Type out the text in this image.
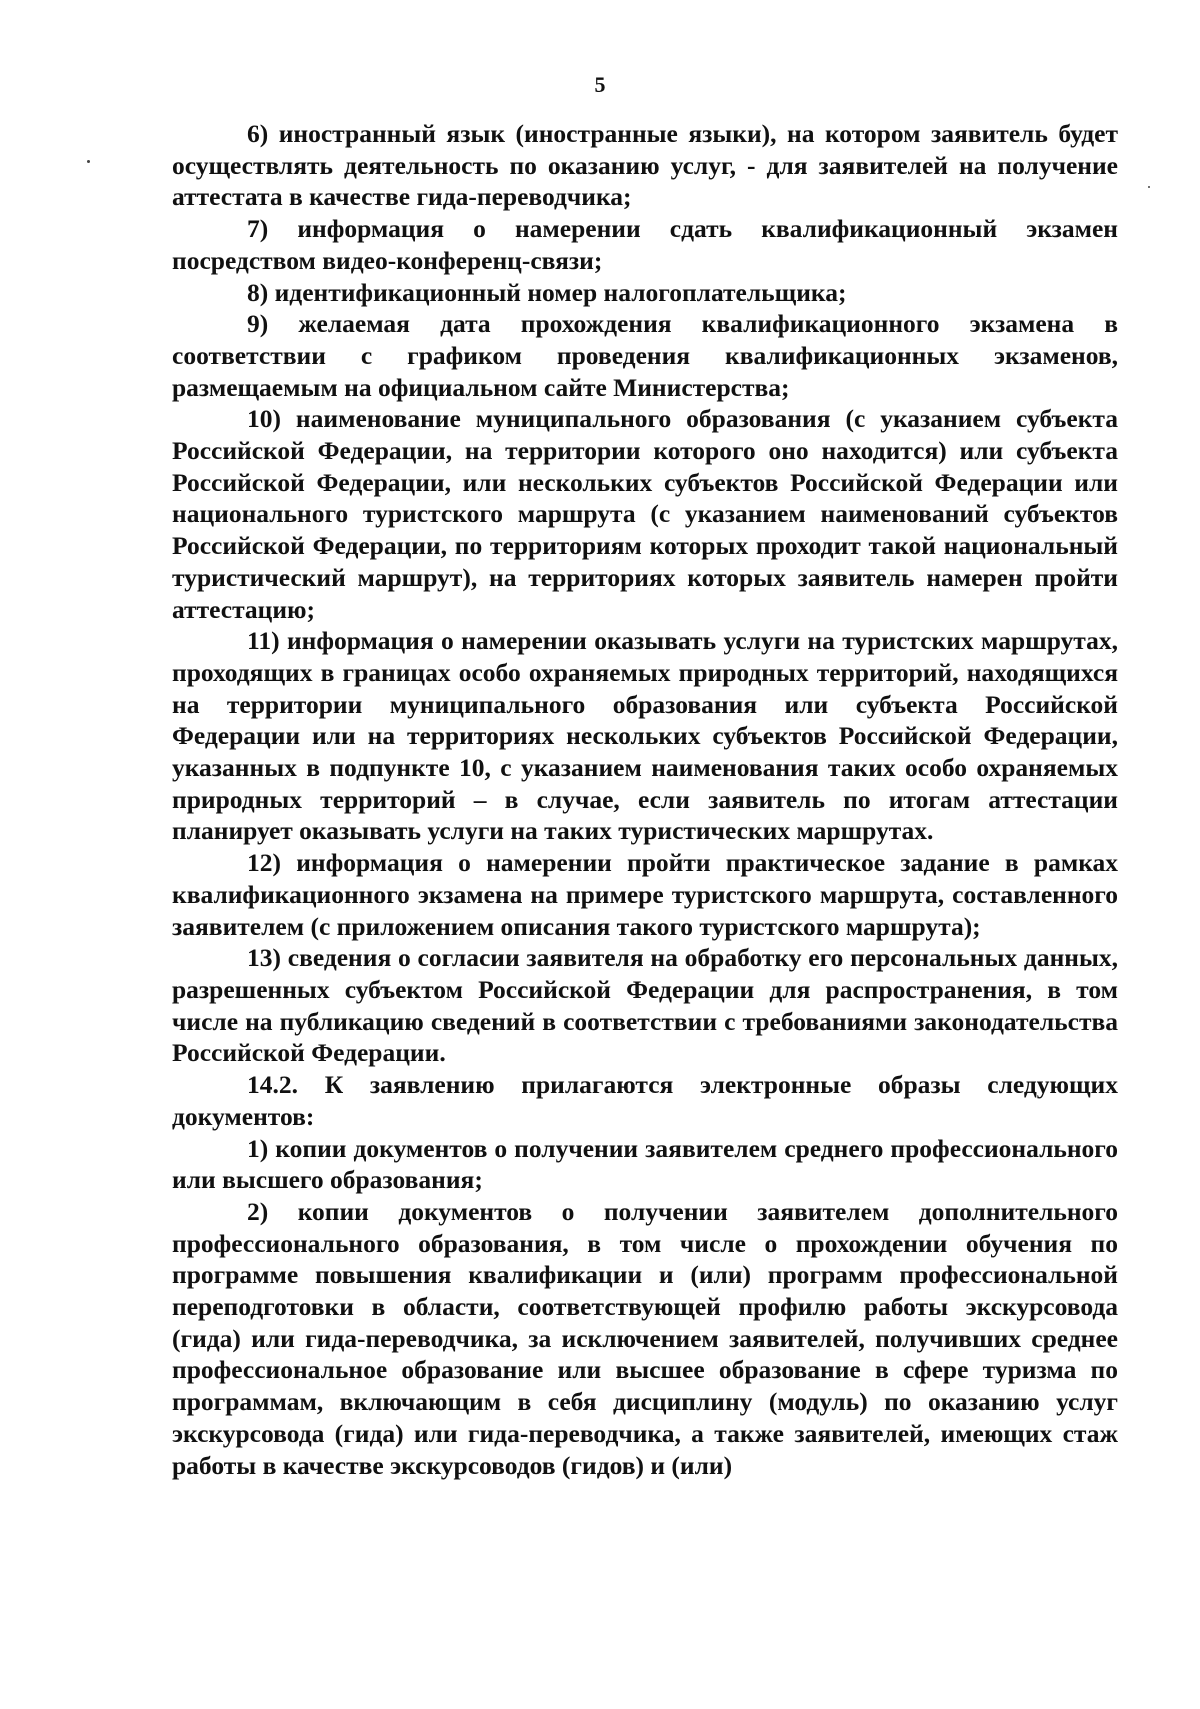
5

6) иностранный язык (иностранные языки), на котором заявитель будет осуществлять деятельность по оказанию услуг, - для заявителей на получение аттестата в качестве гида-переводчика;

7) информация о намерении сдать квалификационный экзамен посредством видео-конференц-связи;

8) идентификационный номер налогоплательщика;

9) желаемая дата прохождения квалификационного экзамена в соответствии с графиком проведения квалификационных экзаменов, размещаемым на официальном сайте Министерства;

10) наименование муниципального образования (с указанием субъекта Российской Федерации, на территории которого оно находится) или субъекта Российской Федерации, или нескольких субъектов Российской Федерации или национального туристского маршрута (с указанием наименований субъектов Российской Федерации, по территориям которых проходит такой национальный туристический маршрут), на территориях которых заявитель намерен пройти аттестацию;

11) информация о намерении оказывать услуги на туристских маршрутах, проходящих в границах особо охраняемых природных территорий, находящихся на территории муниципального образования или субъекта Российской Федерации или на территориях нескольких субъектов Российской Федерации, указанных в подпункте 10, с указанием наименования таких особо охраняемых природных территорий – в случае, если заявитель по итогам аттестации планирует оказывать услуги на таких туристических маршрутах.

12) информация о намерении пройти практическое задание в рамках квалификационного экзамена на примере туристского маршрута, составленного заявителем (с приложением описания такого туристского маршрута);

13) сведения о согласии заявителя на обработку его персональных данных, разрешенных субъектом Российской Федерации для распространения, в том числе на публикацию сведений в соответствии с требованиями законодательства Российской Федерации.

14.2. К заявлению прилагаются электронные образы следующих документов:

1) копии документов о получении заявителем среднего профессионального или высшего образования;

2) копии документов о получении заявителем дополнительного профессионального образования, в том числе о прохождении обучения по программе повышения квалификации и (или) программ профессиональной переподготовки в области, соответствующей профилю работы экскурсовода (гида) или гида-переводчика, за исключением заявителей, получивших среднее профессиональное образование или высшее образование в сфере туризма по программам, включающим в себя дисциплину (модуль) по оказанию услуг экскурсовода (гида) или гида-переводчика, а также заявителей, имеющих стаж работы в качестве экскурсоводов (гидов) и (или)
